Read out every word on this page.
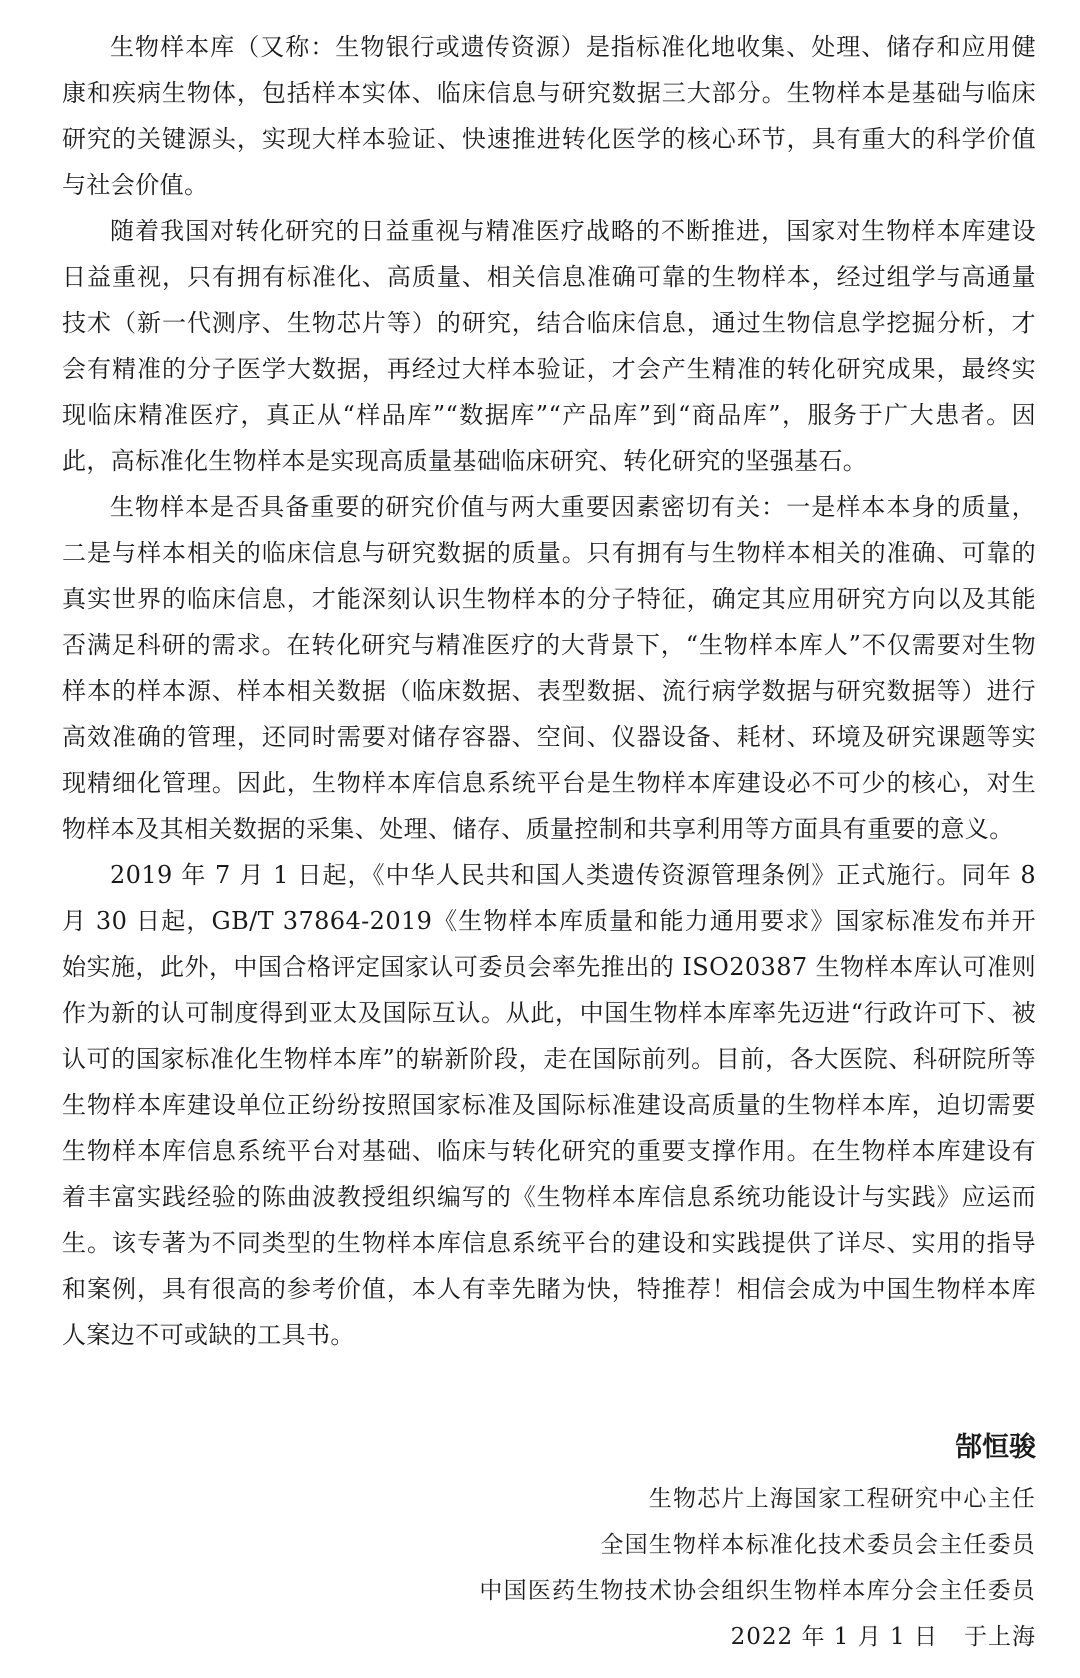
生物样本库（又称：生物银行或遗传资源）是指标准化地收集、处理、储存和应用健康和疾病生物体，包括样本实体、临床信息与研究数据三大部分。生物样本是基础与临床研究的关键源头，实现大样本验证、快速推进转化医学的核心环节，具有重大的科学价值与社会价值。

随着我国对转化研究的日益重视与精准医疗战略的不断推进，国家对生物样本库建设日益重视，只有拥有标准化、高质量、相关信息准确可靠的生物样本，经过组学与高通量技术（新一代测序、生物芯片等）的研究，结合临床信息，通过生物信息学挖掘分析，才会有精准的分子医学大数据，再经过大样本验证，才会产生精准的转化研究成果，最终实现临床精准医疗，真正从“样品库”“数据库”“产品库”到“商品库”，服务于广大患者。因此，高标准化生物样本是实现高质量基础临床研究、转化研究的坚强基石。

生物样本是否具备重要的研究价值与两大重要因素密切有关：一是样本本身的质量，二是与样本相关的临床信息与研究数据的质量。只有拥有与生物样本相关的准确、可靠的真实世界的临床信息，才能深刻认识生物样本的分子特征，确定其应用研究方向以及其能否满足科研的需求。在转化研究与精准医疗的大背景下，“生物样本库人”不仅需要对生物样本的样本源、样本相关数据（临床数据、表型数据、流行病学数据与研究数据等）进行高效准确的管理，还同时需要对储存容器、空间、仪器设备、耗材、环境及研究课题等实现精细化管理。因此，生物样本库信息系统平台是生物样本库建设必不可少的核心，对生物样本及其相关数据的采集、处理、储存、质量控制和共享利用等方面具有重要的意义。

2019 年 7 月 1 日起，《中华人民共和国人类遗传资源管理条例》正式施行。同年 8 月 30 日起，GB/T 37864-2019《生物样本库质量和能力通用要求》国家标准发布并开始实施，此外，中国合格评定国家认可委员会率先推出的 ISO20387 生物样本库认可准则作为新的认可制度得到亚太及国际互认。从此，中国生物样本库率先迈进“行政许可下、被认可的国家标准化生物样本库”的崭新阶段，走在国际前列。目前，各大医院、科研院所等生物样本库建设单位正纷纷按照国家标准及国际标准建设高质量的生物样本库，迫切需要生物样本库信息系统平台对基础、临床与转化研究的重要支撑作用。在生物样本库建设有着丰富实践经验的陈曲波教授组织编写的《生物样本库信息系统功能设计与实践》应运而生。该专著为不同类型的生物样本库信息系统平台的建设和实践提供了详尽、实用的指导和案例，具有很高的参考价值，本人有幸先睹为快，特推荐！相信会成为中国生物样本库人案边不可或缺的工具书。

郜恒骏

生物芯片上海国家工程研究中心主任

全国生物样本标准化技术委员会主任委员

中国医药生物技术协会组织生物样本库分会主任委员

2022 年 1 月 1 日 于上海
